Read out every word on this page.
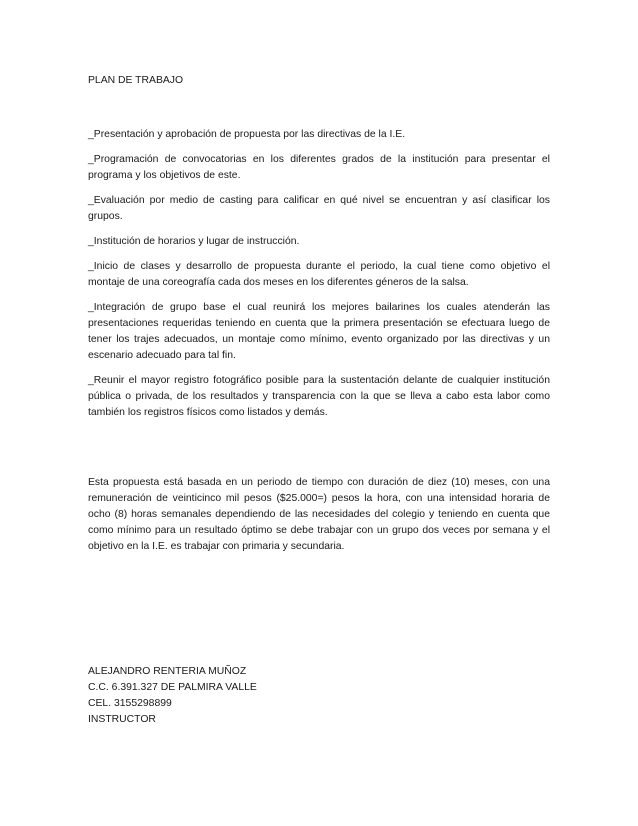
PLAN DE TRABAJO

_Presentación y aprobación de propuesta por las directivas de la I.E.

_Programación de convocatorias en los diferentes grados de la institución para presentar el programa y los objetivos de este.

_Evaluación por medio de casting para calificar en qué nivel se encuentran y así clasificar los grupos.

_Institución de horarios y lugar de instrucción.

_Inicio de clases y desarrollo de propuesta durante el periodo, la cual tiene como objetivo el montaje de una coreografía cada dos meses en los diferentes géneros de la salsa.

_Integración de grupo base el cual reunirá los mejores bailarines los cuales atenderán las presentaciones requeridas teniendo en cuenta que la primera presentación se efectuara luego de tener los trajes adecuados, un montaje como mínimo, evento organizado por las directivas y un escenario adecuado para tal fin.

_Reunir el mayor registro fotográfico posible para la sustentación delante de cualquier institución pública o privada, de los resultados y transparencia con la que se lleva a cabo esta labor como también los registros físicos como listados y demás.

Esta propuesta está basada en un periodo de tiempo con duración de diez (10) meses, con una remuneración de veinticinco mil pesos ($25.000=) pesos la hora, con una intensidad horaria de ocho (8) horas semanales dependiendo de las necesidades del colegio y teniendo en cuenta que como mínimo para un resultado óptimo se debe trabajar con un grupo dos veces por semana y el objetivo en la I.E. es trabajar con primaria y secundaria.

ALEJANDRO RENTERIA MUÑOZ
C.C. 6.391.327 DE PALMIRA VALLE
CEL. 3155298899
INSTRUCTOR
